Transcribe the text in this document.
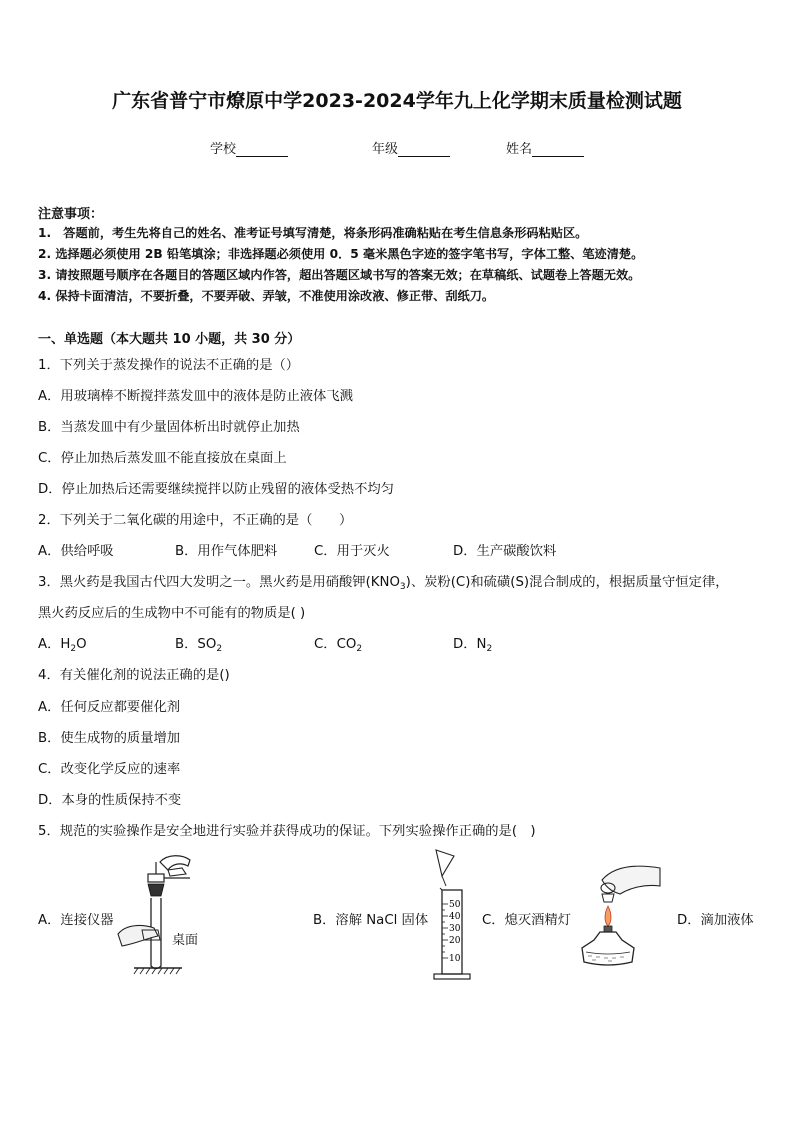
广东省普宁市燎原中学2023-2024学年九上化学期末质量检测试题
学校	年级	姓名
注意事项：
1.　答题前，考生先将自己的姓名、准考证号填写清楚，将条形码准确粘贴在考生信息条形码粘贴区。
2. 选择题必须使用 2B 铅笔填涂；非选择题必须使用 0．5 毫米黑色字迹的签字笔书写，字体工整、笔迹清楚。
3. 请按照题号顺序在各题目的答题区域内作答，超出答题区域书写的答案无效；在草稿纸、试题卷上答题无效。
4. 保持卡面清洁，不要折叠，不要弄破、弄皱，不准使用涂改液、修正带、刮纸刀。
一、单选题（本大题共 10 小题，共 30 分）
1．下列关于蒸发操作的说法不正确的是（）
A．用玻璃棒不断搅拌蒸发皿中的液体是防止液体飞溅
B．当蒸发皿中有少量固体析出时就停止加热
C．停止加热后蒸发皿不能直接放在桌面上
D．停止加热后还需要继续搅拌以防止残留的液体受热不均匀
2．下列关于二氧化碳的用途中，不正确的是（　　）
A．供给呼吸	B．用作气体肥料	C．用于灭火	D．生产碳酸饮料
3．黑火药是我国古代四大发明之一。黑火药是用硝酸钾$(KNO_3)$、炭粉(C)和硫磺(S)混合制成的，根据质量守恒定律，
黑火药反应后的生成物中不可能有的物质是( )
A．$H_2O$	B．$SO_2$	C．$CO_2$	D．$N_2$
4．有关催化剂的说法正确的是()
A．任何反应都要催化剂
B．使生成物的质量增加
C．改变化学反应的速率
D．本身的性质保持不变
5．规范的实验操作是安全地进行实验并获得成功的保证。下列实验操作正确的是(　)
A．连接仪器	B．溶解 NaCl 固体	C．熄灭酒精灯	D．滴加液体
桌面
50
40
30
20
10
